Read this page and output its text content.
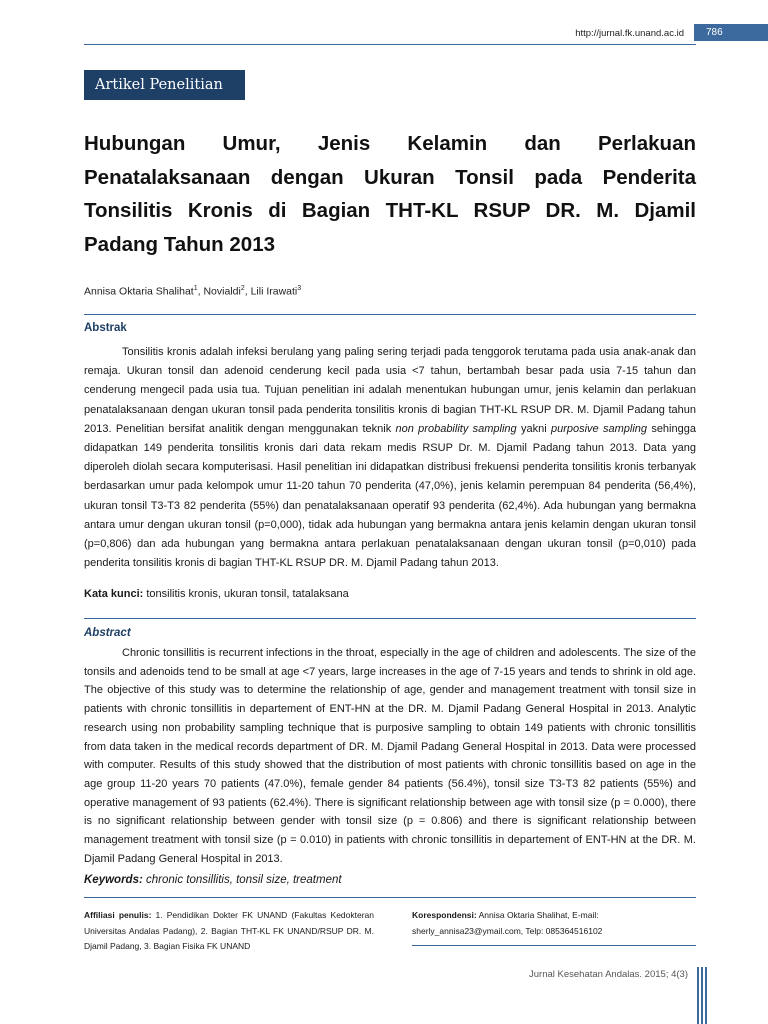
http://jurnal.fk.unand.ac.id	786
Artikel Penelitian
Hubungan Umur, Jenis Kelamin dan Perlakuan Penatalaksanaan dengan Ukuran Tonsil pada Penderita Tonsilitis Kronis di Bagian THT-KL RSUP DR. M. Djamil Padang Tahun 2013
Annisa Oktaria Shalihat$^1$, Novialdi$^2$, Lili Irawati$^3$
Abstrak

Tonsilitis kronis adalah infeksi berulang yang paling sering terjadi pada tenggorok terutama pada usia anak-anak dan remaja. Ukuran tonsil dan adenoid cenderung kecil pada usia <7 tahun, bertambah besar pada usia 7-15 tahun dan cenderung mengecil pada usia tua. Tujuan penelitian ini adalah menentukan hubungan umur, jenis kelamin dan perlakuan penatalaksanaan dengan ukuran tonsil pada penderita tonsilitis kronis di bagian THT-KL RSUP DR. M. Djamil Padang tahun 2013. Penelitian bersifat analitik dengan menggunakan teknik non probability sampling yakni purposive sampling sehingga didapatkan 149 penderita tonsilitis kronis dari data rekam medis RSUP Dr. M. Djamil Padang tahun 2013. Data yang diperoleh diolah secara komputerisasi. Hasil penelitian ini didapatkan distribusi frekuensi penderita tonsilitis kronis terbanyak berdasarkan umur pada kelompok umur 11-20 tahun 70 penderita (47,0%), jenis kelamin perempuan 84 penderita (56,4%), ukuran tonsil T3-T3 82 penderita (55%) dan penatalaksanaan operatif 93 penderita (62,4%). Ada hubungan yang bermakna antara umur dengan ukuran tonsil (p=0,000), tidak ada hubungan yang bermakna antara jenis kelamin dengan ukuran tonsil (p=0,806) dan ada hubungan yang bermakna antara perlakuan penatalaksanaan dengan ukuran tonsil (p=0,010) pada penderita tonsilitis kronis di bagian THT-KL RSUP DR. M. Djamil Padang tahun 2013.

Kata kunci: tonsilitis kronis, ukuran tonsil, tatalaksana
Abstract

Chronic tonsillitis is recurrent infections in the throat, especially in the age of children and adolescents. The size of the tonsils and adenoids tend to be small at age <7 years, large increases in the age of 7-15 years and tends to shrink in old age. The objective of this study was to determine the relationship of age, gender and management treatment with tonsil size in patients with chronic tonsillitis in departement of ENT-HN at the DR. M. Djamil Padang General Hospital in 2013. Analytic research using non probability sampling technique that is purposive sampling to obtain 149 patients with chronic tonsillitis from data taken in the medical records department of DR. M. Djamil Padang General Hospital in 2013. Data were processed with computer. Results of this study showed that the distribution of most patients with chronic tonsillitis based on age in the age group 11-20 years 70 patients (47.0%), female gender 84 patients (56.4%), tonsil size T3-T3 82 patients (55%) and operative management of 93 patients (62.4%). There is significant relationship between age with tonsil size (p = 0.000), there is no significant relationship between gender with tonsil size (p = 0.806) and there is significant relationship between management treatment with tonsil size (p = 0.010) in patients with chronic tonsillitis in departement of ENT-HN at the DR. M. Djamil Padang General Hospital in 2013.

Keywords: chronic tonsillitis, tonsil size, treatment
Affiliasi penulis: 1. Pendidikan Dokter FK UNAND (Fakultas Kedokteran Universitas Andalas Padang), 2. Bagian THT-KL FK UNAND/RSUP DR. M. Djamil Padang, 3. Bagian Fisika FK UNAND
Korespondensi: Annisa Oktaria Shalihat, E-mail: sherly_annisa23@ymail.com, Telp: 085364516102
Jurnal Kesehatan Andalas. 2015; 4(3)
